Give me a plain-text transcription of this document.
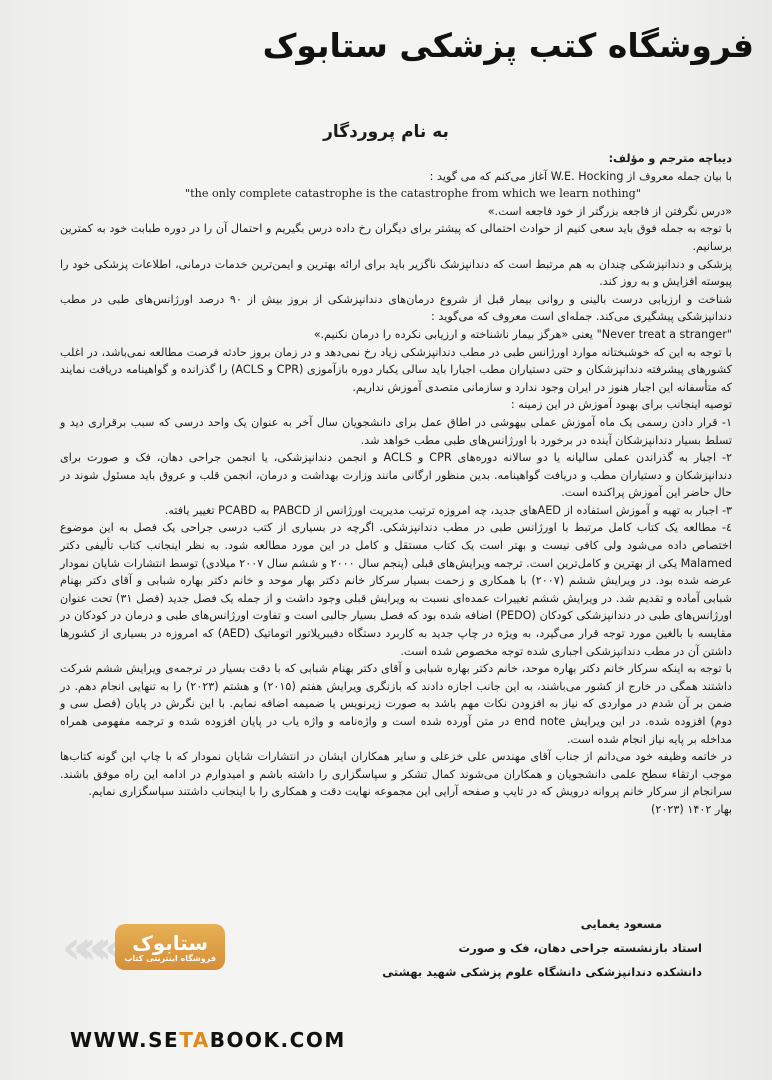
فروشگاه کتب پزشکی ستابوک
به نام پروردگار

دیباچه مترجم و مؤلف:

با بیان جمله معروف از W.E. Hocking آغاز می‌کنم که می گوید :

"the only complete catastrophe is the catastrophe from which we learn nothing"

«درس نگرفتن از فاجعه بزرگتر از خود فاجعه است.»

با توجه به جمله فوق باید سعی کنیم از حوادث احتمالی که پیشتر برای دیگران رخ داده درس بگیریم و احتمال آن را در دوره طبابت خود به کمترین برسانیم.

پزشکی و دندانپزشکی چندان به هم مرتبط است که دندانپزشک ناگزیر باید برای ارائه بهترین و ایمن‌ترین خدمات درمانی، اطلاعات پزشکی خود را پیوسته افزایش و به روز کند.

شناخت و ارزیابی درست بالینی و روانی بیمار قبل از شروع درمان‌های دندانپزشکی از بروز بیش از ۹۰ درصد اورژانس‌های طبی در مطب دندانپزشکی پیشگیری می‌کند. جمله‌ای است معروف که می‌گوید :

"Never treat a stranger" یعنی «هرگز بیمار ناشناخته و ارزیابی نکرده را درمان نکنیم.»

با توجه به این که خوشبختانه موارد اورژانس طبی در مطب دندانپزشکی زیاد رخ نمی‌دهد و در زمان بروز حادثه فرصت مطالعه نمی‌باشد، در اغلب کشورهای پیشرفته دندانپزشکان و حتی دستیاران مطب اجبارا باید سالی یکبار دوره بازآموزی (CPR و ACLS) را گذرانده و گواهینامه دریافت نمایند که متأسفانه این اجبار هنوز در ایران وجود ندارد و سازمانی متصدی آموزش نداریم.

توصیه اینجانب برای بهبود آموزش در این زمینه :

۱- قرار دادن رسمی یک ماه آموزش عملی بیهوشی در اطاق عمل برای دانشجویان سال آخر به عنوان یک واحد درسی که سبب برقراری دید و تسلط بسیار دندانپزشکان آینده در برخورد با اورژانس‌های طبی مطب خواهد شد.

۲- اجبار به گذراندن عملی سالیانه یا دو سالانه دوره‌های CPR و ACLS و انجمن دندانپزشکی، یا انجمن جراحی دهان، فک و صورت برای دندانپزشکان و دستیاران مطب و دریافت گواهینامه. بدین منظور ارگانی مانند وزارت بهداشت و درمان، انجمن قلب و عروق باید مسئول شوند در حال حاضر این آموزش پراکنده است.

۳- اجبار به تهیه و آموزش استفاده از AEDهای جدید، چه امروزه ترتیب مدیریت اورژانس از PABCD به PCABD تغییر یافته.

٤- مطالعه یک کتاب کامل مرتبط با اورژانس طبی در مطب دندانپزشکی. اگرچه در بسیاری از کتب درسی جراحی یک فصل به این موضوع اختصاص داده می‌شود ولی کافی نیست و بهتر است یک کتاب مستقل و کامل در این مورد مطالعه شود. به نظر اینجانب کتاب تألیفی دکتر Malamed یکی از بهترین و کامل‌ترین است. ترجمه ویرایش‌های قبلی (پنجم سال ۲۰۰۰ و ششم سال ۲۰۰۷ میلادی) توسط انتشارات شایان نمودار عرضه شده بود. در ویرایش ششم (۲۰۰۷) با همکاری و زحمت بسیار سرکار خانم دکتر بهار موحد و خانم دکتر بهاره شبابی و آقای دکتر بهنام شبابی آماده و تقدیم شد. در ویرایش ششم تغییرات عمده‌ای نسبت به ویرایش قبلی وجود داشت و از جمله یک فصل جدید (فصل ۳۱) تحت عنوان اورژانس‌های طبی در دندانپزشکی کودکان (PEDO) اضافه شده بود که فصل بسیار جالبی است و تفاوت اورژانس‌های طبی و درمان در کودکان در مقایسه با بالغین مورد توجه قرار می‌گیرد، به ویژه در چاپ جدید به کاربرد دستگاه دفیبریلاتور اتوماتیک (AED) که امروزه در بسیاری از کشورها داشتن آن در مطب دندانپزشکی اجباری شده توجه مخصوص شده است.

با توجه به اینکه سرکار خانم دکتر بهاره موحد، خانم دکتر بهاره شبابی و آقای دکتر بهنام شبابی که با دقت بسیار در ترجمه‌ی ویرایش ششم شرکت داشتند همگی در خارج از کشور می‌باشند، به این جانب اجازه دادند که بازنگری ویرایش هفتم (۲۰۱۵) و هشتم (۲۰۲۳) را به تنهایی انجام دهم. در ضمن بر آن شدم در مواردی که نیاز به افزودن نکات مهم باشد به صورت زیرنویس یا ضمیمه اضافه نمایم. با این نگرش در پایان (فصل سی و دوم) افزوده شده. در این ویرایش end note در متن آورده شده است و واژه‌نامه و واژه یاب در پایان افزوده شده و ترجمه مفهومی همراه مداخله بر پایه نیاز انجام شده است.

در خاتمه وظیفه خود می‌دانم از جناب آقای مهندس علی خزعلی و سایر همکاران ایشان در انتشارات شایان نمودار که با چاپ این گونه کتاب‌ها موجب ارتقاء سطح علمی دانشجویان و همکاران می‌شوند کمال تشکر و سپاسگزاری را داشته باشم و امیدوارم در ادامه این راه موفق باشند. سرانجام از سرکار خانم پروانه درویش که در تایپ و صفحه آرایی این مجموعه نهایت دقت و همکاری را با اینجانب داشتند سپاسگزاری نمایم.

بهار ۱۴۰۲ (۲۰۲۳)

مسعود یغمایی
استاد بازنشسته جراحی دهان، فک و صورت
دانشکده دندانپزشکی دانشگاه علوم پزشکی شهید بهشتی
««« ستابوک
فروشگاه اینترنتی کتاب
WWW.SETABOOK.COM
